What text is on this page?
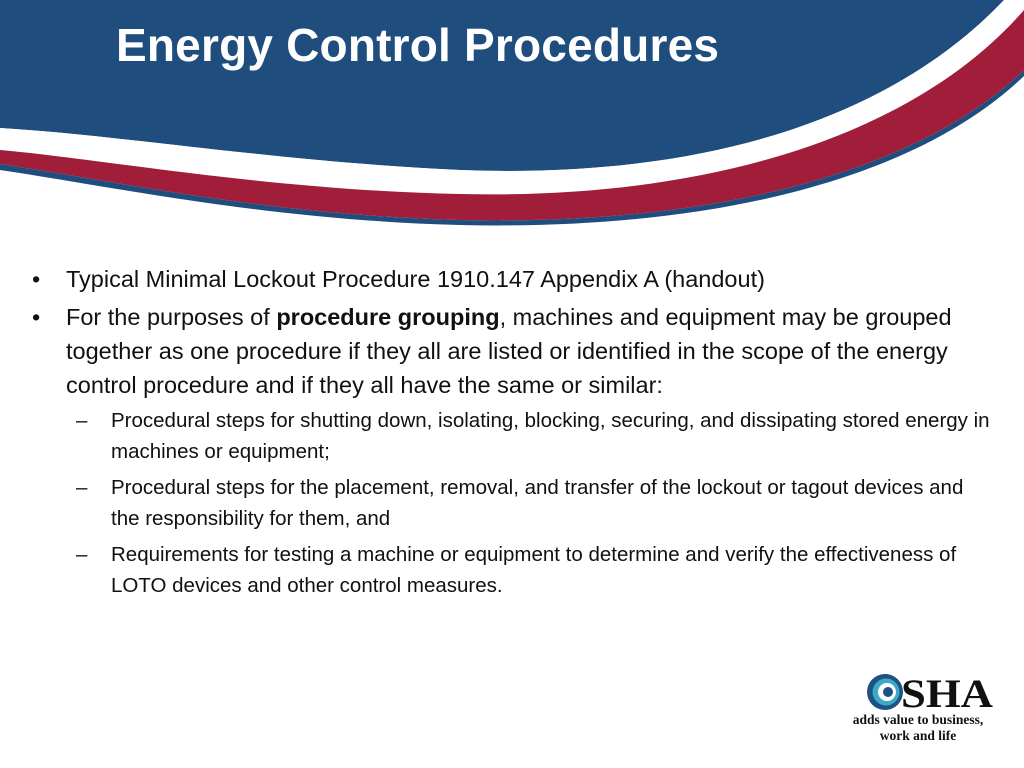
Energy Control Procedures

• Typical Minimal Lockout Procedure 1910.147 Appendix A (handout)

• For the purposes of procedure grouping, machines and equipment may be grouped together as one procedure if they all are listed or identified in the scope of the energy control procedure and if they all have the same or similar:

– Procedural steps for shutting down, isolating, blocking, securing, and dissipating stored energy in machines or equipment;

– Procedural steps for the placement, removal, and transfer of the lockout or tagout devices and the responsibility for them, and

– Requirements for testing a machine or equipment to determine and verify the effectiveness of LOTO devices and other control measures.

SHA
adds value to business,
work and life
